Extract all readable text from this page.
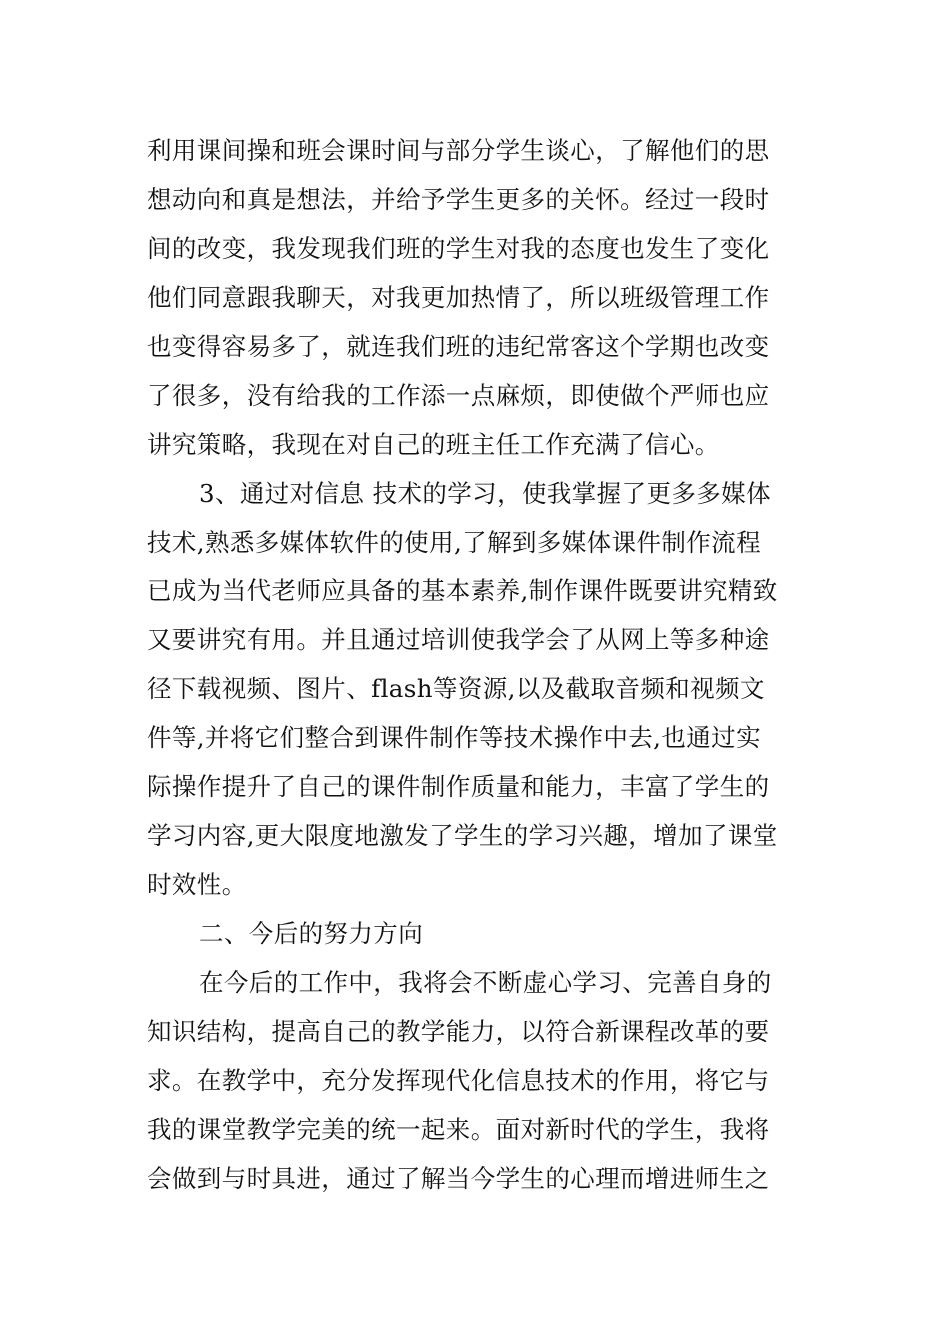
利用课间操和班会课时间与部分学生谈心，了解他们的思
想动向和真是想法，并给予学生更多的关怀。经过一段时
间的改变，我发现我们班的学生对我的态度也发生了变化
他们同意跟我聊天，对我更加热情了，所以班级管理工作
也变得容易多了，就连我们班的违纪常客这个学期也改变
了很多，没有给我的工作添一点麻烦，即使做个严师也应
讲究策略，我现在对自己的班主任工作充满了信心。
3、通过对信息 技术的学习，使我掌握了更多多媒体
技术,熟悉多媒体软件的使用,了解到多媒体课件制作流程
已成为当代老师应具备的基本素养,制作课件既要讲究精致
又要讲究有用。并且通过培训使我学会了从网上等多种途
径下载视频、图片、flash等资源,以及截取音频和视频文
件等,并将它们整合到课件制作等技术操作中去,也通过实
际操作提升了自己的课件制作质量和能力，丰富了学生的
学习内容,更大限度地激发了学生的学习兴趣，增加了课堂
时效性。
二、今后的努力方向
在今后的工作中，我将会不断虚心学习、完善自身的
知识结构，提高自己的教学能力，以符合新课程改革的要
求。在教学中，充分发挥现代化信息技术的作用，将它与
我的课堂教学完美的统一起来。面对新时代的学生，我将
会做到与时具进，通过了解当今学生的心理而增进师生之
